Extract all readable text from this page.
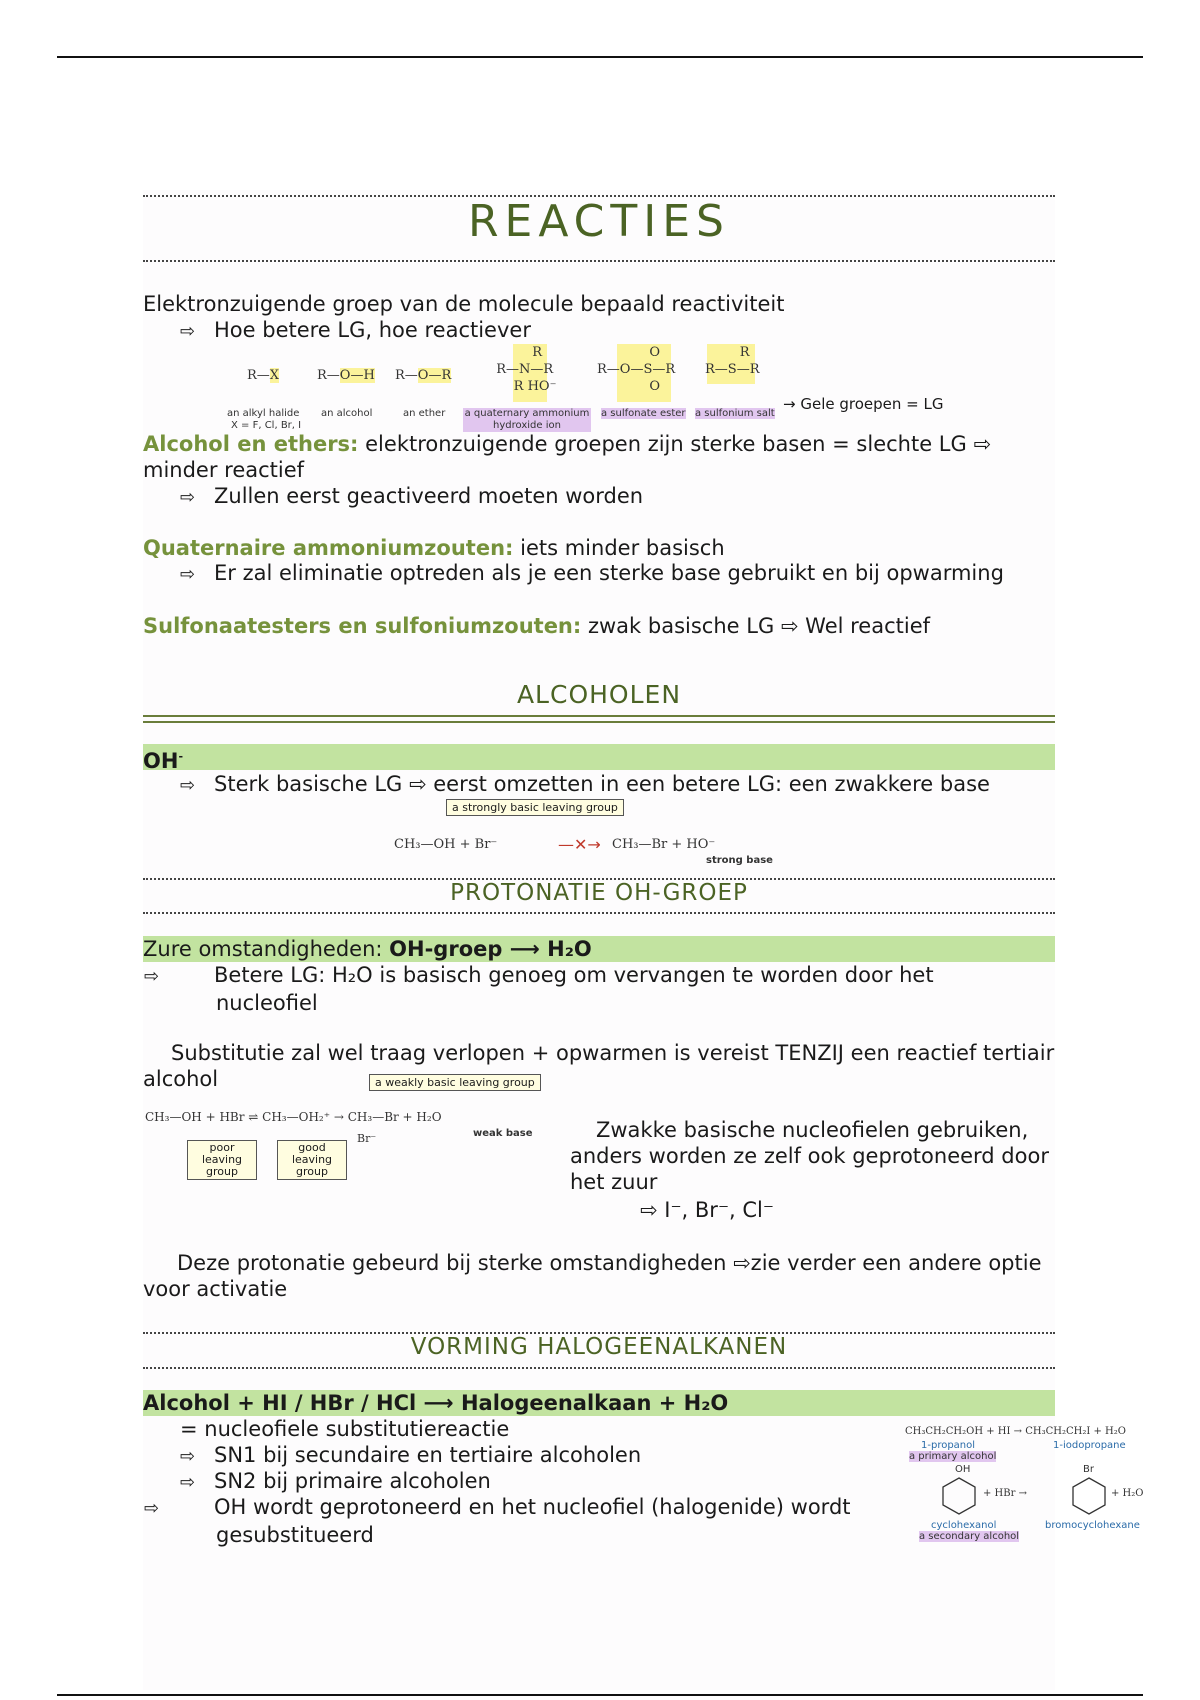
REACTIES
Elektronzuigende groep van de molecule bepaald reactiviteit
⇨ Hoe betere LG, hoe reactiever
R—X	R—O—H R—O—R
R
R—N—R
R HO⁻
O
R—O—S—R
O
R
R—S—R
an alkyl halide
X = F, Cl, Br, I
an alcohol	an ether a quaternary ammonium hydroxide ion
a sulfonate ester a sulfonium salt
→ Gele groepen = LG
Alcohol en ethers: elektronzuigende groepen zijn sterke basen = slechte LG ⇨ minder reactief
⇨ Zullen eerst geactiveerd moeten worden
Quaternaire ammoniumzouten: iets minder basisch
⇨ Er zal eliminatie optreden als je een sterke base gebruikt en bij opwarming
Sulfonaatesters en sulfoniumzouten: zwak basische LG ⇨ Wel reactief
ALCOHOLEN
OH-
⇨ Sterk basische LG ⇨ eerst omzetten in een betere LG: een zwakkere base
a strongly basic leaving group
CH₃—OH + Br⁻	—✕→ CH₃—Br + HO⁻
strong base
PROTONATIE OH-GROEP
Zure omstandigheden: OH-groep ⟶ H₂O
⇨	Betere LG: H₂O is basisch genoeg om vervangen te worden door het nucleofiel
Substitutie zal wel traag verlopen + opwarmen is vereist TENZIJ een reactief tertiair alcohol	a weakly basic leaving group
CH₃—OH + HBr ⇌ CH₃—OH₂⁺ → CH₃—Br + H₂O
Br⁻	weak base
poor leaving group
good leaving group
Zwakke basische nucleofielen gebruiken, anders worden ze zelf ook geprotoneerd door het zuur
⇨ I⁻, Br⁻, Cl⁻
Deze protonatie gebeurd bij sterke omstandigheden ⇨zie verder een andere optie voor activatie
VORMING HALOGEENALKANEN
Alcohol + HI / HBr / HCl ⟶ Halogeenalkaan + H₂O
= nucleofiele substitutiereactie
⇨ SN1 bij secundaire en tertiaire alcoholen
⇨ SN2 bij primaire alcoholen
⇨	OH wordt geprotoneerd en het nucleofiel (halogenide) wordt gesubstitueerd
CH₃CH₂CH₂OH + HI → CH₃CH₂CH₂I + H₂O
1-propanol
a primary alcohol
1-iodopropane
OH
+ HBr →
Br
+ H₂O
cyclohexanol
a secondary alcohol
bromocyclohexane
